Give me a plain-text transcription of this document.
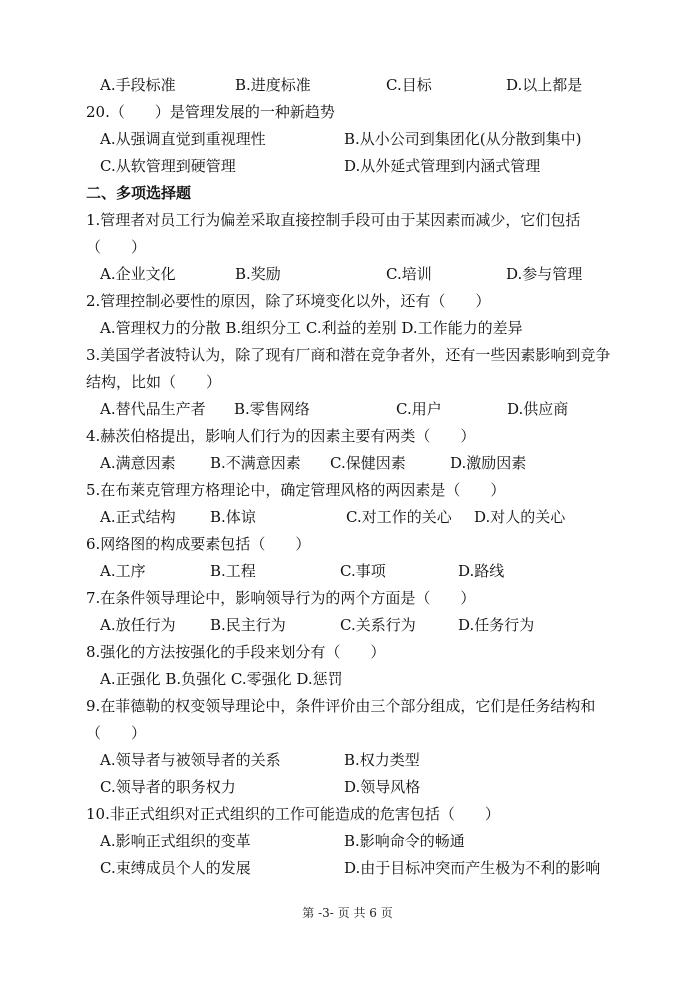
A.手段标准	B.进度标准	C.目标	D.以上都是
20.（　　）是管理发展的一种新趋势
A.从强调直觉到重视理性	B.从小公司到集团化(从分散到集中)
C.从软管理到硬管理	D.从外延式管理到内涵式管理
二、多项选择题
1.管理者对员工行为偏差采取直接控制手段可由于某因素而减少，它们包括
（　　）
A.企业文化	B.奖励	C.培训	D.参与管理
2.管理控制必要性的原因，除了环境变化以外，还有（　　）
A.管理权力的分散 B.组织分工 C.利益的差别 D.工作能力的差异
3.美国学者波特认为，除了现有厂商和潜在竞争者外，还有一些因素影响到竞争
结构，比如（　　）
A.替代品生产者 B.零售网络	C.用户	D.供应商
4.赫茨伯格提出，影响人们行为的因素主要有两类（　　）
A.满意因素 B.不满意因素 C.保健因素	D.激励因素
5.在布莱克管理方格理论中，确定管理风格的两因素是（　　）
A.正式结构 B.体谅	C.对工作的关心 D.对人的关心
6.网络图的构成要素包括（　　）
A.工序	B.工程	C.事项	D.路线
7.在条件领导理论中，影响领导行为的两个方面是（　　）
A.放任行为 B.民主行为	C.关系行为	D.任务行为
8.强化的方法按强化的手段来划分有（　　）
A.正强化 B.负强化 C.零强化 D.惩罚
9.在菲德勒的权变领导理论中，条件评价由三个部分组成，它们是任务结构和
（　　）
A.领导者与被领导者的关系	B.权力类型
C.领导者的职务权力	D.领导风格
10.非正式组织对正式组织的工作可能造成的危害包括（　　）
A.影响正式组织的变革	B.影响命令的畅通
C.束缚成员个人的发展	D.由于目标冲突而产生极为不利的影响
第 -3- 页 共 6 页
